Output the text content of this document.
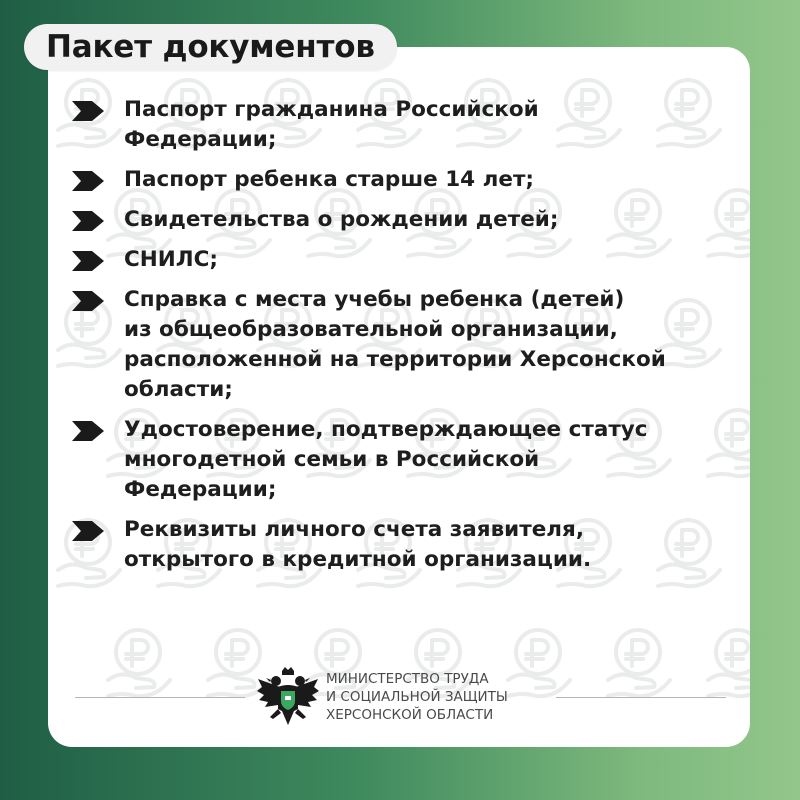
Пакет документов
Паспорт гражданина Российской
Федерации;
Паспорт ребенка старше 14 лет;
Свидетельства о рождении детей;
СНИЛС;
Справка с места учебы ребенка (детей)
из общеобразовательной организации,
расположенной на территории Херсонской
области;
Удостоверение, подтверждающее статус
многодетной семьи в Российской
Федерации;
Реквизиты личного счета заявителя,
открытого в кредитной организации.
МИНИСТЕРСТВО ТРУДА
И СОЦИАЛЬНОЙ ЗАЩИТЫ
ХЕРСОНСКОЙ ОБЛАСТИ
